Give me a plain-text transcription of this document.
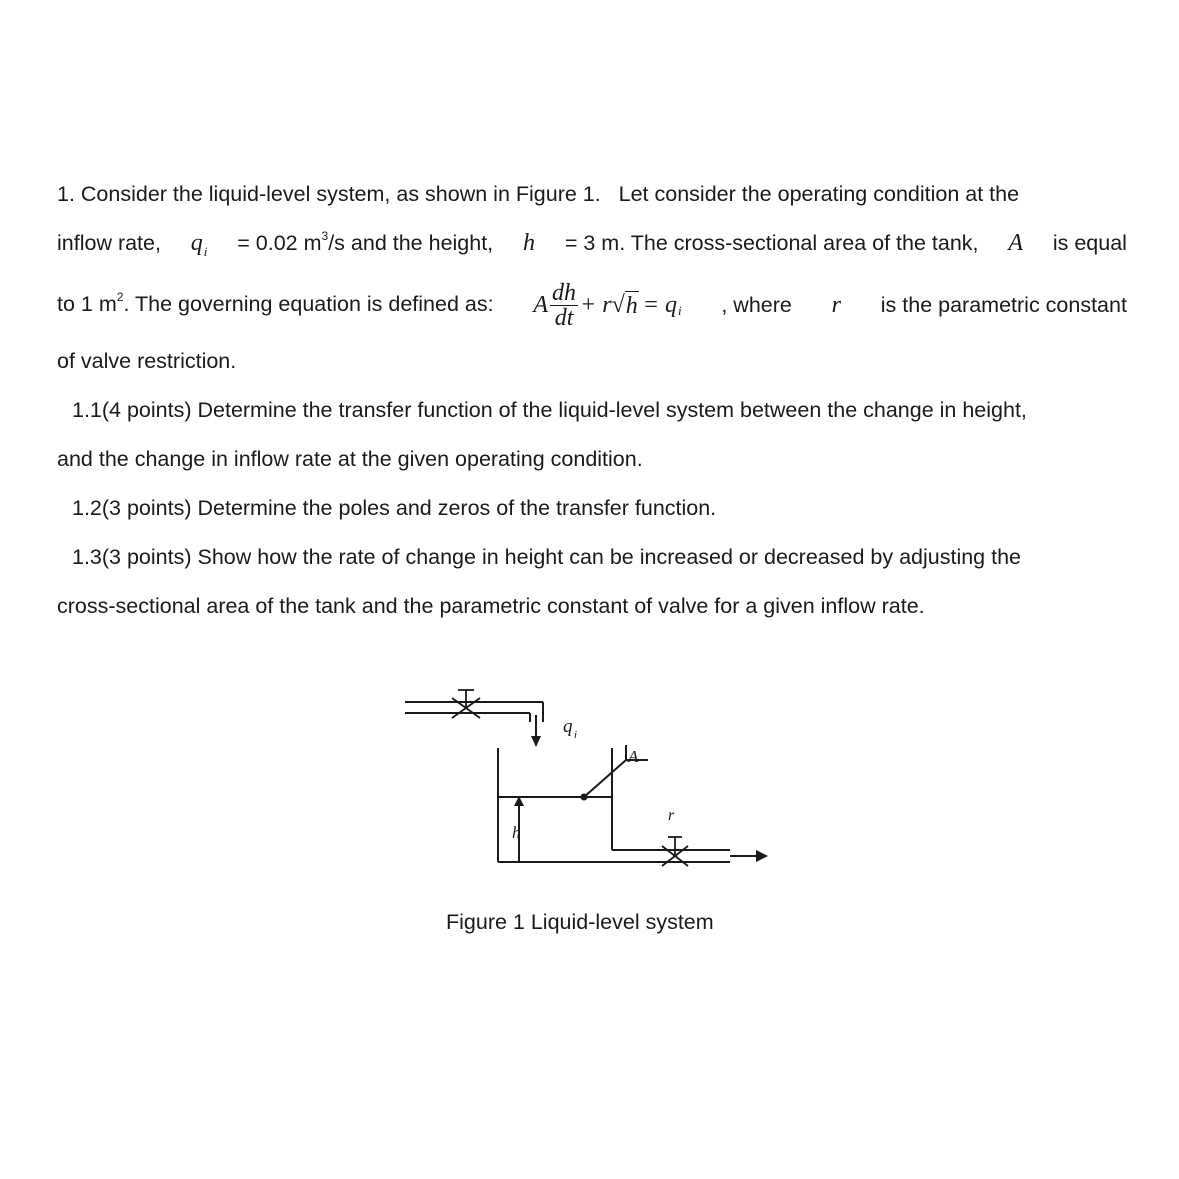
1. Consider the liquid-level system, as shown in Figure 1.   Let consider the operating condition at the
inflow rate, $q_i = 0.02$ $m^3/s$ and the height, h = 3 m. The cross-sectional area of the tank, A is equal
to 1 $m^2$. The governing equation is defined as: A $\frac{dh}{dt} + r$ √ h = q i , where r is the parametric constant
of valve restriction.
1.1(4 points) Determine the transfer function of the liquid-level system between the change in height,
and the change in inflow rate at the given operating condition.
1.2(3 points) Determine the poles and zeros of the transfer function.
1.3(3 points) Show how the rate of change in height can be increased or decreased by adjusting the
cross-sectional area of the tank and the parametric constant of valve for a given inflow rate.
q i
A
h
r
Figure 1 Liquid-level system
